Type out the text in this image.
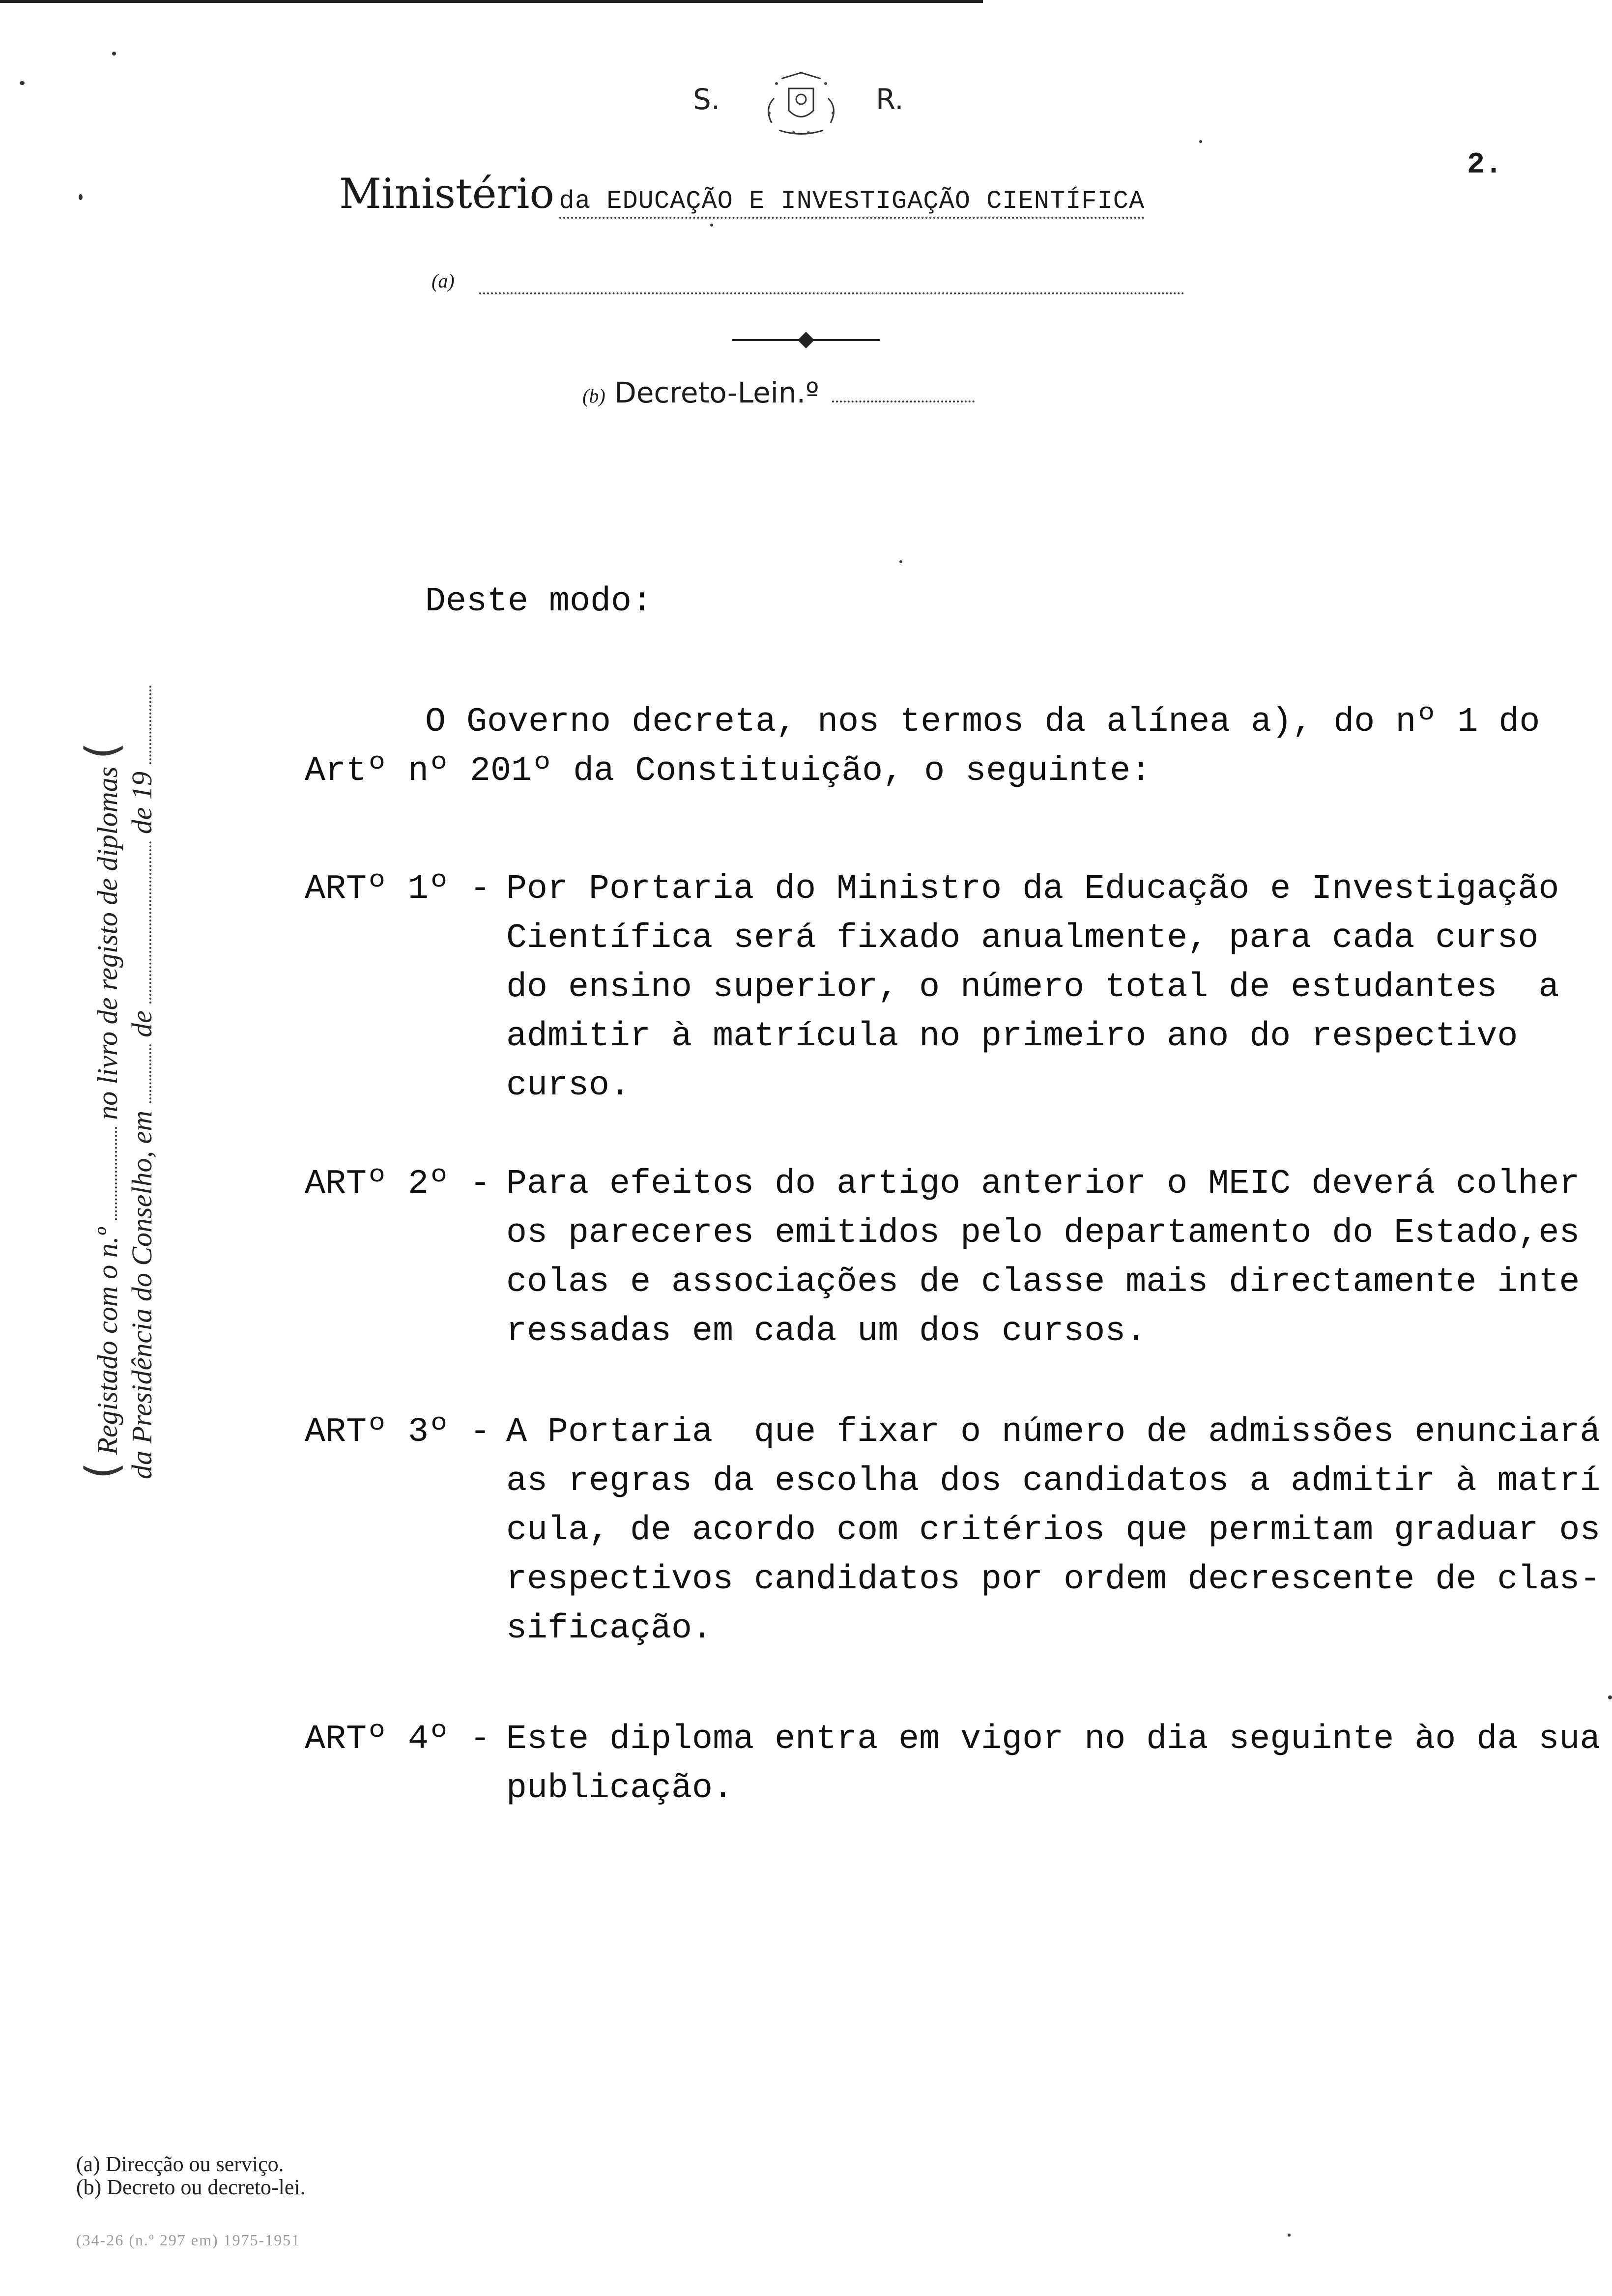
S.	R.
2.
Ministério da EDUCAÇÃO E INVESTIGAÇÃO CIENTÍFICA
(a)
(b) Decreto-Lein.º
( Registado com o n.º  no livro de registo de diplomas (
da Presidência do Conselho, em  de  de 19
Deste modo:
O Governo decreta, nos termos da alínea a), do nº 1 do
Artº nº 201º da Constituição, o seguinte:
ARTº 1º - Por Portaria do Ministro da Educação e Investigação
Científica será fixado anualmente, para cada curso
do ensino superior, o número total de estudantes  a
admitir à matrícula no primeiro ano do respectivo
curso.
ARTº 2º - Para efeitos do artigo anterior o MEIC deverá colher
os pareceres emitidos pelo departamento do Estado,es
colas e associações de classe mais directamente inte
ressadas em cada um dos cursos.
ARTº 3º - A Portaria  que fixar o número de admissões enunciará
as regras da escolha dos candidatos a admitir à matrí
cula, de acordo com critérios que permitam graduar os
respectivos candidatos por ordem decrescente de clas-
sificação.
ARTº 4º - Este diploma entra em vigor no dia seguinte ào da sua
publicação.
(a) Direcção ou serviço.
(b) Decreto ou decreto-lei.
(34-26 (n.º 297 em) 1975-1951
